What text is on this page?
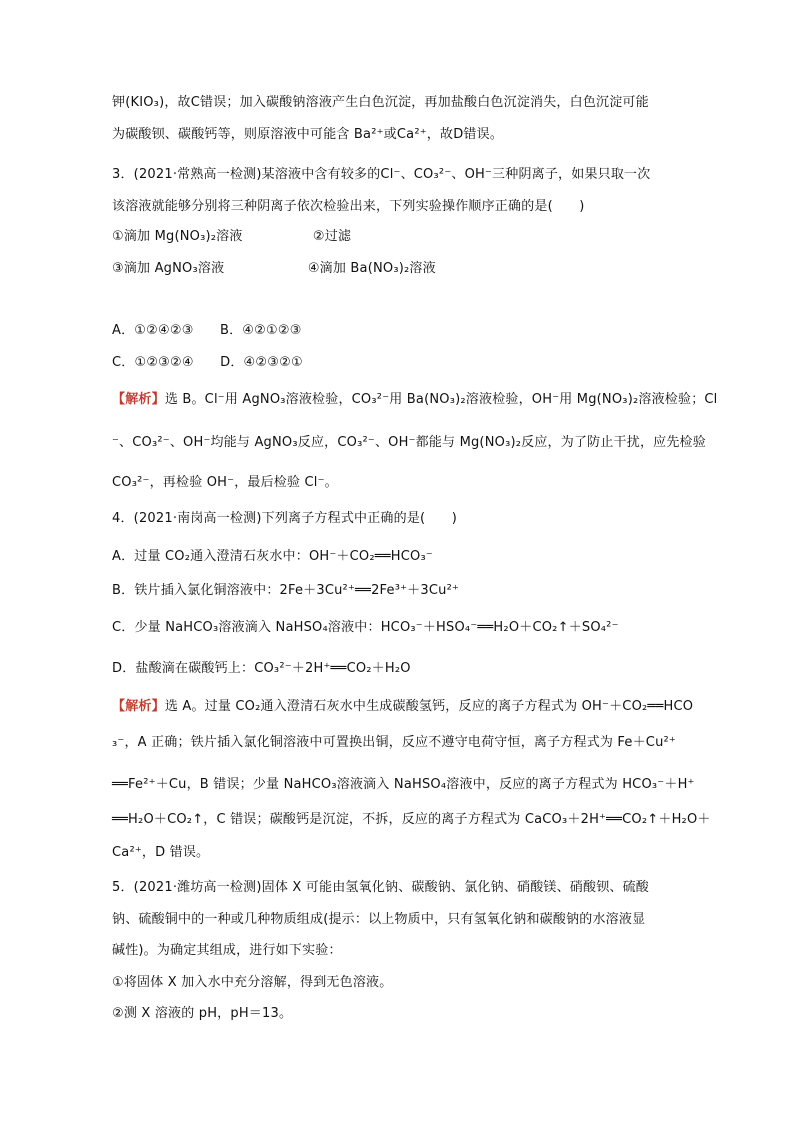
钾(KIO₃)，故C错误；加入碳酸钠溶液产生白色沉淀，再加盐酸白色沉淀消失，白色沉淀可能
为碳酸钡、碳酸钙等，则原溶液中可能含 Ba²⁺或Ca²⁺，故D错误。
3．(2021·常熟高一检测)某溶液中含有较多的Cl⁻、CO₃²⁻、OH⁻三种阴离子，如果只取一次
该溶液就能够分别将三种阴离子依次检验出来，下列实验操作顺序正确的是(　　)
①滴加 Mg(NO₃)₂溶液　　　　　 ②过滤
③滴加 AgNO₃溶液　　　　　　 ④滴加 Ba(NO₃)₂溶液
A．①②④②③　　B．④②①②③
C．①②③②④　　D．④②③②①
【解析】选 B。Cl⁻用 AgNO₃溶液检验，CO₃²⁻用 Ba(NO₃)₂溶液检验，OH⁻用 Mg(NO₃)₂溶液检验；Cl
⁻、CO₃²⁻、OH⁻均能与 AgNO₃反应，CO₃²⁻、OH⁻都能与 Mg(NO₃)₂反应，为了防止干扰，应先检验
CO₃²⁻，再检验 OH⁻，最后检验 Cl⁻。
4．(2021·南岗高一检测)下列离子方程式中正确的是(　　)
A．过量 CO₂通入澄清石灰水中：OH⁻＋CO₂══HCO₃⁻
B．铁片插入氯化铜溶液中：2Fe＋3Cu²⁺══2Fe³⁺＋3Cu²⁺
C．少量 NaHCO₃溶液滴入 NaHSO₄溶液中：HCO₃⁻＋HSO₄⁻══H₂O＋CO₂↑＋SO₄²⁻
D．盐酸滴在碳酸钙上：CO₃²⁻＋2H⁺══CO₂＋H₂O
【解析】选 A。过量 CO₂通入澄清石灰水中生成碳酸氢钙，反应的离子方程式为 OH⁻＋CO₂══HCO
₃⁻，A 正确；铁片插入氯化铜溶液中可置换出铜，反应不遵守电荷守恒，离子方程式为 Fe＋Cu²⁺
══Fe²⁺＋Cu，B 错误；少量 NaHCO₃溶液滴入 NaHSO₄溶液中，反应的离子方程式为 HCO₃⁻＋H⁺
══H₂O＋CO₂↑，C 错误；碳酸钙是沉淀，不拆，反应的离子方程式为 CaCO₃＋2H⁺══CO₂↑＋H₂O＋
Ca²⁺，D 错误。
5．(2021·潍坊高一检测)固体 X 可能由氢氧化钠、碳酸钠、氯化钠、硝酸镁、硝酸钡、硫酸
钠、硫酸铜中的一种或几种物质组成(提示：以上物质中，只有氢氧化钠和碳酸钠的水溶液显
碱性)。为确定其组成，进行如下实验：
①将固体 X 加入水中充分溶解，得到无色溶液。
②测 X 溶液的 pH，pH＝13。
